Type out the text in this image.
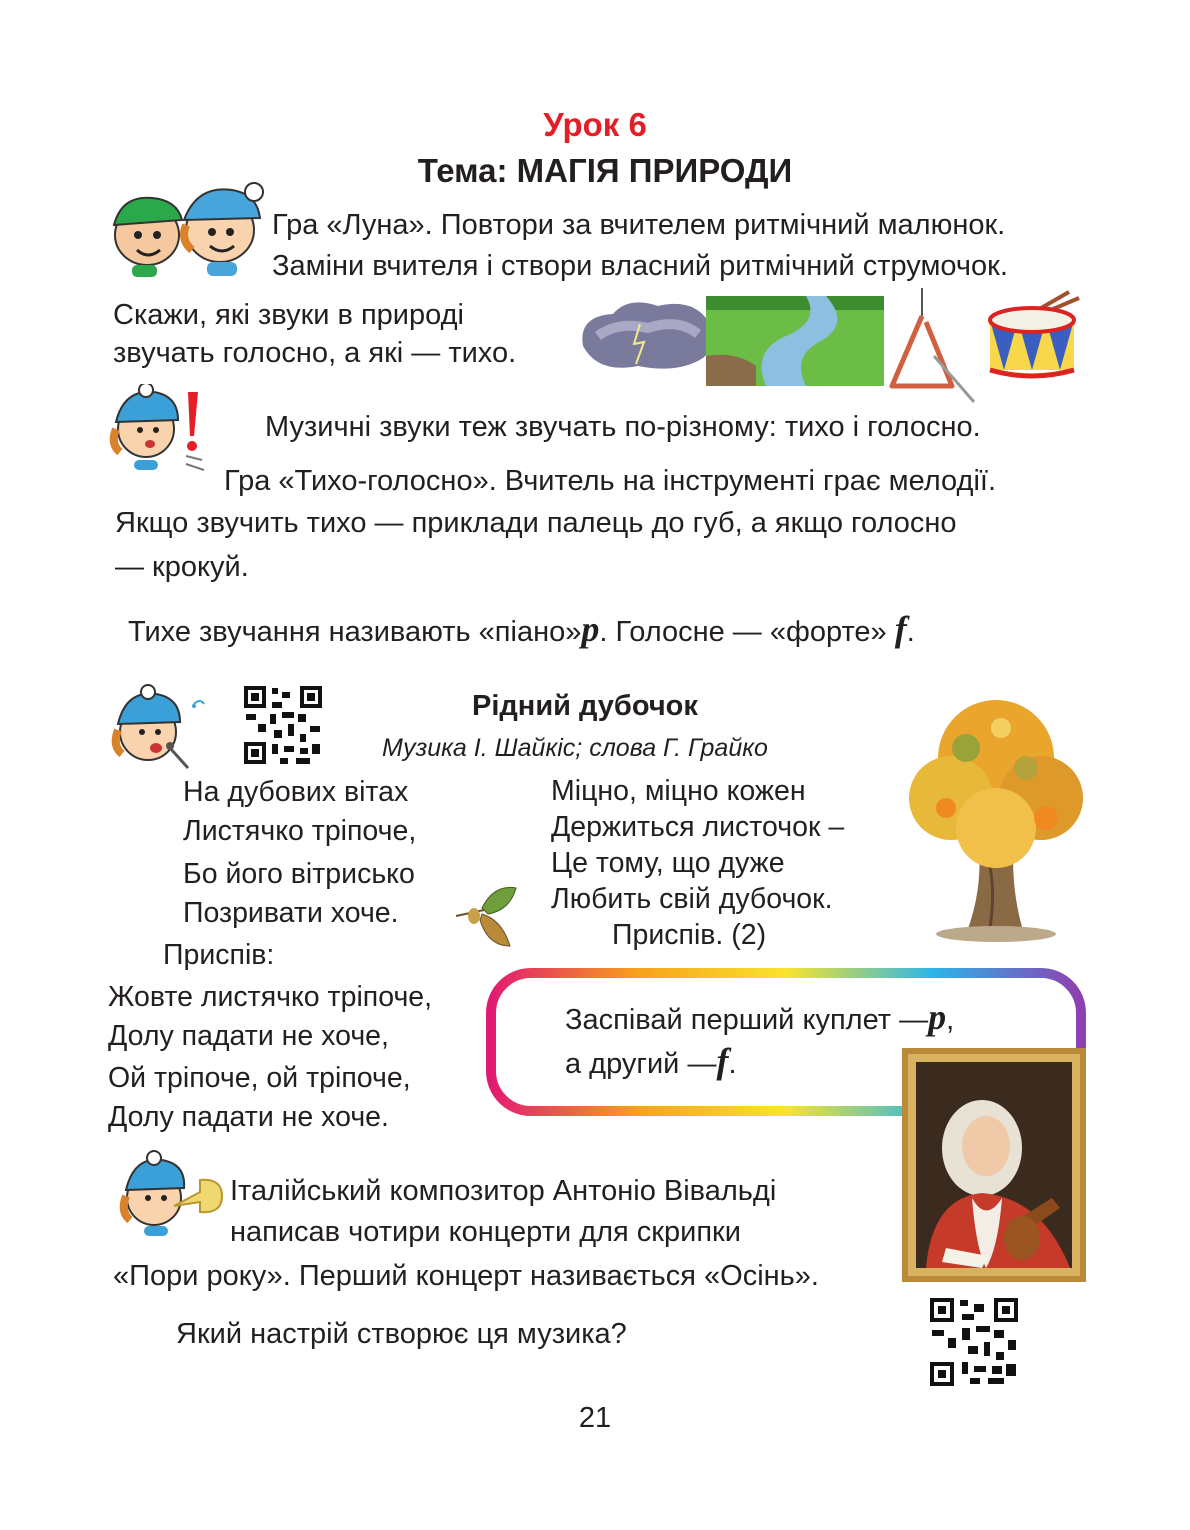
Урок 6
Тема: МАГІЯ ПРИРОДИ
Гра «Луна». Повтори за вчителем ритмічний малюнок.
Заміни вчителя і створи власний ритмічний струмочок.
Скажи, які звуки в природі
звучать голосно, а які — тихо.
Музичні звуки теж звучать по-різному: тихо і голосно.
Гра «Тихо-голосно». Вчитель на інструменті грає мелодії.
Якщо звучить тихо — приклади палець до губ, а якщо голосно
— крокуй.
Тихе звучання називають «піано»p. Голосне — «форте» f.
Рідний дубочок
Музика І. Шайкіс; слова Г. Грайко
На дубових вітах
Листячко тріпоче,
Бо його вітрисько
Позривати хоче.
Приспів:
Жовте листячко тріпоче,
Долу падати не хоче,
Ой тріпоче, ой тріпоче,
Долу падати не хоче.
Міцно, міцно кожен
Держиться листочок –
Це тому, що дуже
Любить свій дубочок.
Приспів. (2)
Заспівай перший куплет —p,
а другий —f.
Італійський композитор Антоніо Вівальді
написав чотири концерти для скрипки
«Пори року». Перший концерт називається «Осінь».
Який настрій створює ця музика?
21
